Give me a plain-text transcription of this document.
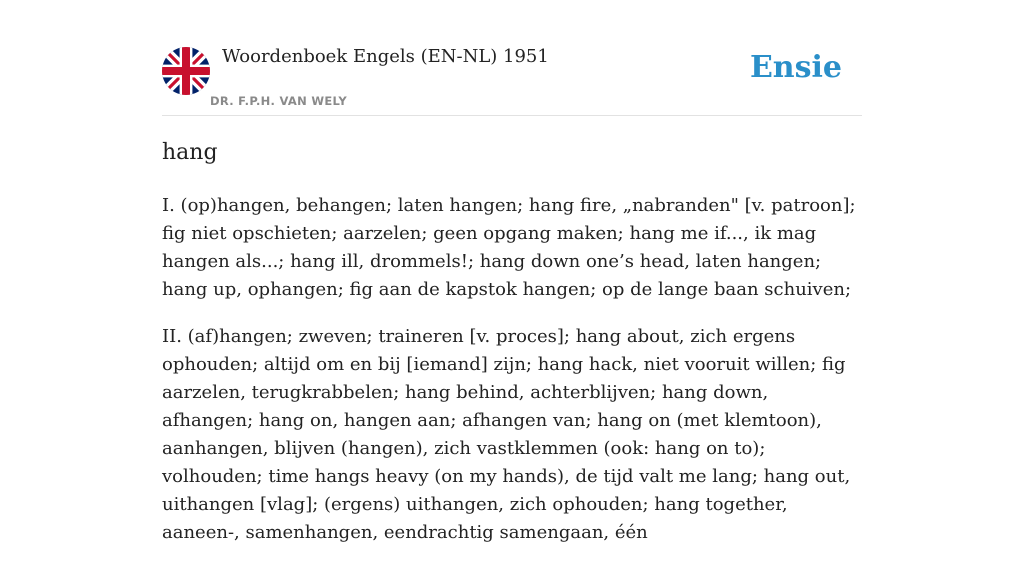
Woordenboek Engels (EN-NL) 1951
DR. F.P.H. VAN WELY
Ensie
hang

I. (op)hangen, behangen; laten hangen; hang fire, „nabranden" [v. patroon]; fig niet opschieten; aarzelen; geen opgang maken; hang me if..., ik mag hangen als...; hang ill, drommels!; hang down one’s head, laten hangen; hang up, ophangen; fig aan de kapstok hangen; op de lange baan schuiven;

II. (af)hangen; zweven; traineren [v. proces]; hang about, zich ergens ophouden; altijd om en bij [iemand] zijn; hang hack, niet vooruit willen; fig aarzelen, terugkrabbelen; hang behind, achterblijven; hang down, afhangen; hang on, hangen aan; afhangen van; hang on (met klemtoon), aanhangen, blijven (hangen), zich vastklemmen (ook: hang on to); volhouden; time hangs heavy (on my hands), de tijd valt me lang; hang out, uithangen [vlag]; (ergens) uithangen, zich ophouden; hang together, aaneen-, samenhangen, eendrachtig samengaan, één
